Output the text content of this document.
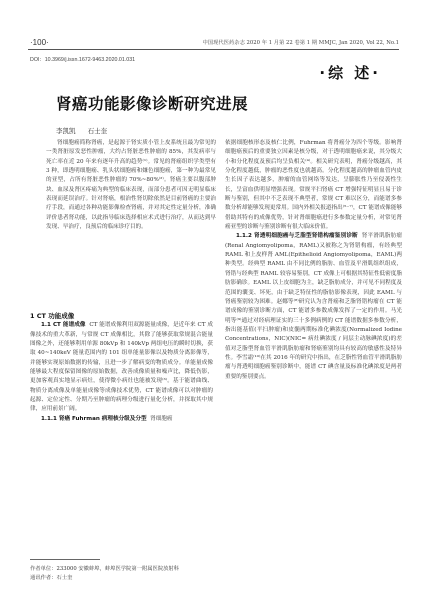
·100·	中国现代医药杂志 2020 年 1 月第 22 卷第 1 期 MMJC, Jan 2020, Vol 22, No.1
DOI：10.3969/j.issn.1672-9463.2020.01.031
·综 述·
肾癌功能影像诊断研究进展
李凯凯 石士奎

肾细胞癌简称肾癌，是起源于肾实质小管上皮系统且最为常见的一类肾脏原发恶性肿瘤，大约占肾脏恶性肿瘤的 85%，其发病率与死亡率在近 20 年来有逐年升高的趋势⁽¹⁾。常见的肾癌组织学类型有 3 种，即透明细胞癌、乳头状细胞癌和嫌色细胞癌，第一种为最常见的亚型，占所有肾脏恶性肿瘤的 70%~80%⁽²⁾。肾癌主要以腹部肿块、血尿及肾区疼痛为典型的临床表现，而部分患者可因无明显临床表现而延误治疗。针对肾癌，根治性肾切除依然是目前肾癌的主要治疗手段，而通过各种功能影像检查肾癌，并对其定性定量分析，准确评价患者肾功能，以此指导临床选择相应术式进行治疗，从而达到早发现、早治疗，良预后的临床诊疗目的。

1 CT 功能成像

1.1 CT 能谱成像 CT 能谱成像利用双源能量成像，是近年来 CT 成像技术的重大革新，与常规 CT 成像相比，其除了能够获取常规混合能量图像之外，还能够利用单源 80kVp 和 140kVp 两组电压的瞬时切换，获取 40~140keV 能量范围内的 101 组单能量影像以及物质分离影像等，并能够实现原始数据的传输，且进一步了解病变的物质成分。单能量成像能够最大程度保留图像的原始数据，改善成像质量和噪声比，降低伤影，更加客观真实地显示病灶，使得微小病灶也能被发现⁽³⁾。基于能谱曲线、物质分离成像及单能量成像等成像技术优势，CT 能谱成像可以对肿瘤的起源、定位定性、分期乃至肿瘤的病理分级进行量化分析，并探取其中规律，应用前景广阔。

1.1.1 肾癌 Fuhrman 病理核分级及分型 肾细胞癌

作者单位：233000 安徽蚌埠，蚌埠医学院第一附属医院放射科
通讯作者：石士奎

依据细胞核形态及核仁比例，Fuhrman 将肾癌分为四个等级。影响肾细胞癌预后的重要独立因素是核分级，对于透明细胞癌来说，其分级大小和分化程度及预后均呈负相关⁽⁴⁾。相关研究表明，肾癌分级越高，其分化程度越低，肿瘤的恶性度也就越高。分化程度越高的肿瘤血管内皮生长因子表达越多，肿瘤的血管网络等发达，呈膨胀性乃至侵袭性生长，呈富血供明显增强表现。常规平扫肾癌 CT 增强特征明显且易于诊断与鉴别，但其中不乏表现不典型者，常规 CT 难以区分，而能谱多参数分析却能够发现更常用。国内外相关报道指出⁽⁵⁻⁷⁾，CT 能谱成像能够借助其特有的成像优势，针对肾细胞癌进行多参数定量分析，对常见肾癌亚型的诊断与鉴别诊断有很大临床价值。

1.1.2 肾透明细胞癌与乏脂型肾错构瘤鉴别诊断 肾平滑肌脂肪瘤(Renal Angiomyolipoma，RAML)又被称之为肾错构瘤，有经典型 RAML 和上皮样肾 AML(Epithelioid Angiomyolipoma，EAML)两种类型。经典型 RAML 由不同比例的脂肪、血管及平滑肌组织组成，肾错与经典型 RAML 较容易鉴别，CT 成像上可根据其特征性低密度脂肪影确诊。EAML 以上皮细胞为主，缺乏脂肪成分，并可见不同程度及范围的囊变、坏死，由于缺乏特征性的脂肪影像表现，因此 EAML 与肾癌鉴别较为困难。赵娜等⁽⁸⁾研究认为含肾癌和乏脂肾错构瘤在 CT 能谱成像的鉴别诊断方面，CT 能谱多参数成像发挥了一定的作用。马光明等⁽⁹⁾通过对经病理证实的三十多例病例的 CT 能谱数据多参数分析，指出能基值(平扫肿瘤)和皮髓两期标准化碘浓度(Normalized Iodine Concentrations，NIC)(NIC= 病灶碘浓度 / 同层主动脉碘浓度)的差值对乏脂型肾血管平滑肌脂肪瘤和肾癌鉴别均具有较高的敏感性及特异性。李雪霜⁽¹⁰⁾在其 2016 年的研究中指出，在乏脂性肾血管平滑肌脂肪瘤与肾透明细胞癌鉴别诊断中，能谱 CT 碘含量及标准化碘浓度是两者重要的鉴别要点。
